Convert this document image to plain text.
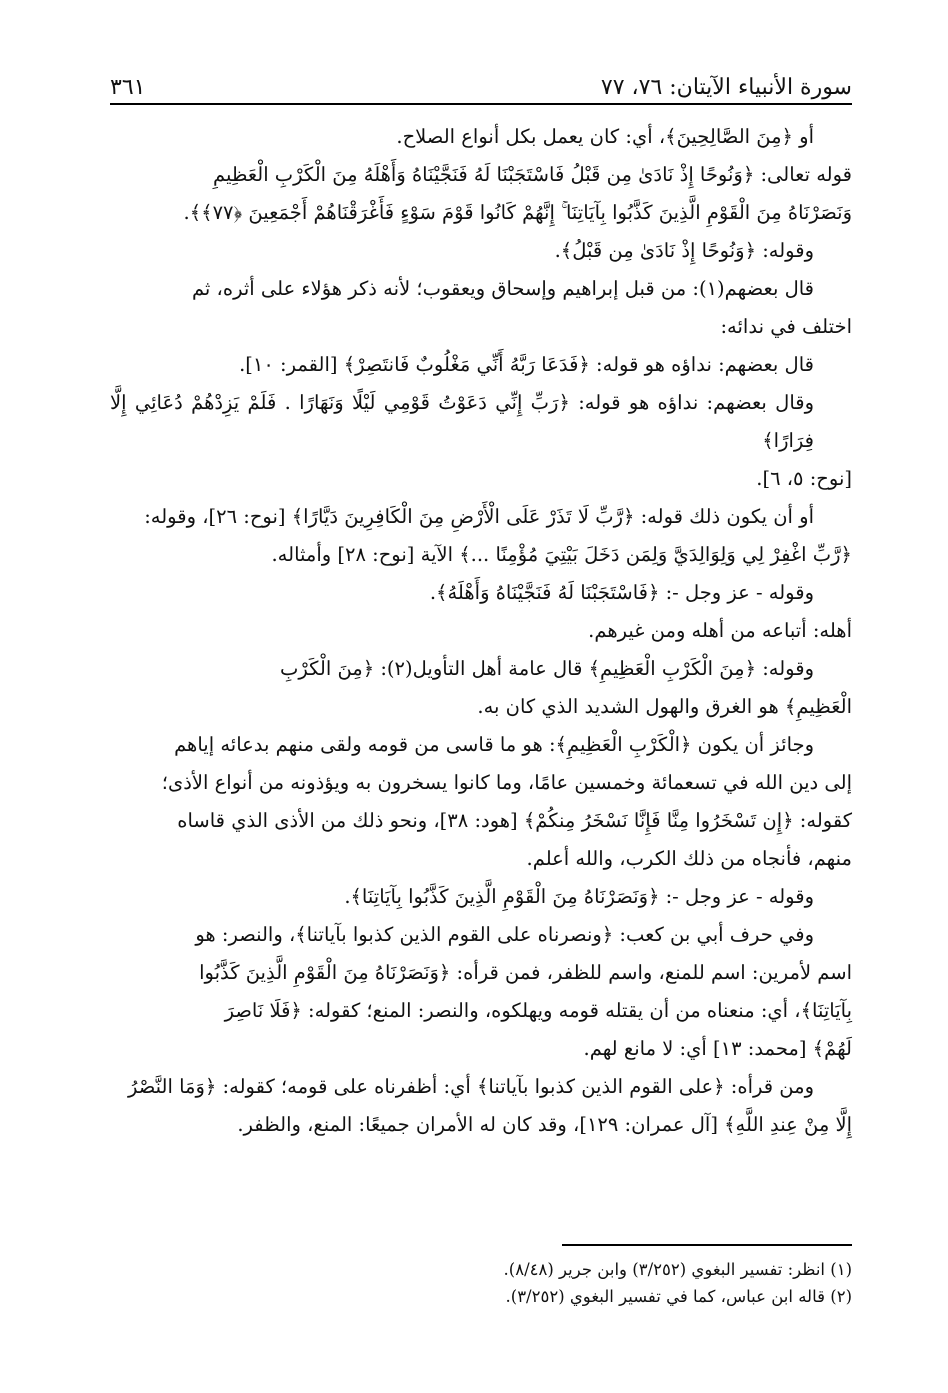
سورة الأنبياء الآيتان: ٧٦، ٧٧
٣٦١

أو ﴿مِنَ الصَّالِحِينَ﴾، أي: كان يعمل بكل أنواع الصلاح.

قوله تعالى: ﴿وَنُوحًا إِذْ نَادَىٰ مِن قَبْلُ فَاسْتَجَبْنَا لَهُ فَنَجَّيْنَاهُ وَأَهْلَهُ مِنَ الْكَرْبِ الْعَظِيمِ

وَنَصَرْنَاهُ مِنَ الْقَوْمِ الَّذِينَ كَذَّبُوا بِآيَاتِنَا ۚ إِنَّهُمْ كَانُوا قَوْمَ سَوْءٍ فَأَغْرَقْنَاهُمْ أَجْمَعِينَ ﴿٧٧﴾﴾.

وقوله: ﴿وَنُوحًا إِذْ نَادَىٰ مِن قَبْلُ﴾.

قال بعضهم(١): من قبل إبراهيم وإسحاق ويعقوب؛ لأنه ذكر هؤلاء على أثره، ثم

اختلف في ندائه:

قال بعضهم: نداؤه هو قوله: ﴿فَدَعَا رَبَّهُ أَنِّي مَغْلُوبٌ فَانتَصِرْ﴾ [القمر: ١٠].

وقال بعضهم: نداؤه هو قوله: ﴿رَبِّ إِنِّي دَعَوْتُ قَوْمِي لَيْلًا وَنَهَارًا . فَلَمْ يَزِدْهُمْ دُعَائِي إِلَّا فِرَارًا﴾

[نوح: ٥، ٦].

أو أن يكون ذلك قوله: ﴿رَّبِّ لَا تَذَرْ عَلَى الْأَرْضِ مِنَ الْكَافِرِينَ دَيَّارًا﴾ [نوح: ٢٦]، وقوله:

﴿رَّبِّ اغْفِرْ لِي وَلِوَالِدَيَّ وَلِمَن دَخَلَ بَيْتِيَ مُؤْمِنًا ...﴾ الآية [نوح: ٢٨] وأمثاله.

وقوله - عز وجل -: ﴿فَاسْتَجَبْنَا لَهُ فَنَجَّيْنَاهُ وَأَهْلَهُ﴾.

أهله: أتباعه من أهله ومن غيرهم.

وقوله: ﴿مِنَ الْكَرْبِ الْعَظِيمِ﴾ قال عامة أهل التأويل(٢): ﴿مِنَ الْكَرْبِ

الْعَظِيمِ﴾ هو الغرق والهول الشديد الذي كان به.

وجائز أن يكون ﴿الْكَرْبِ الْعَظِيمِ﴾: هو ما قاسى من قومه ولقى منهم بدعائه إياهم

إلى دين الله في تسعمائة وخمسين عامًا، وما كانوا يسخرون به ويؤذونه من أنواع الأذى؛

كقوله: ﴿إِن تَسْخَرُوا مِنَّا فَإِنَّا نَسْخَرُ مِنكُمْ﴾ [هود: ٣٨]، ونحو ذلك من الأذى الذي قاساه

منهم، فأنجاه من ذلك الكرب، والله أعلم.

وقوله - عز وجل -: ﴿وَنَصَرْنَاهُ مِنَ الْقَوْمِ الَّذِينَ كَذَّبُوا بِآيَاتِنَا﴾.

وفي حرف أبي بن كعب: ﴿ونصرناه على القوم الذين كذبوا بآياتنا﴾، والنصر: هو

اسم لأمرين: اسم للمنع، واسم للظفر، فمن قرأه: ﴿وَنَصَرْنَاهُ مِنَ الْقَوْمِ الَّذِينَ كَذَّبُوا

بِآيَاتِنَا﴾، أي: منعناه من أن يقتله قومه ويهلكوه، والنصر: المنع؛ كقوله: ﴿فَلَا نَاصِرَ

لَهُمْ﴾ [محمد: ١٣] أي: لا مانع لهم.

ومن قرأه: ﴿على القوم الذين كذبوا بآياتنا﴾ أي: أظفرناه على قومه؛ كقوله: ﴿وَمَا النَّصْرُ

إِلَّا مِنْ عِندِ اللَّهِ﴾ [آل عمران: ١٢٩]، وقد كان له الأمران جميعًا: المنع، والظفر.

(١) انظر: تفسير البغوي (٣/٢٥٢) وابن جرير (٨/٤٨).

(٢) قاله ابن عباس، كما في تفسير البغوي (٣/٢٥٢).
